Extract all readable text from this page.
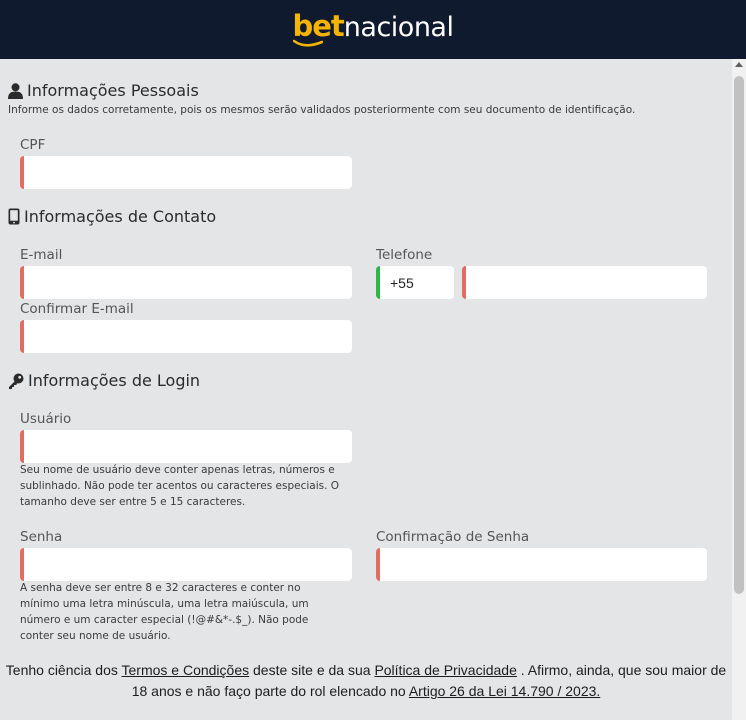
bet nacional
Informações Pessoais
Informe os dados corretamente, pois os mesmos serão validados posteriormente com seu documento de identificação.
CPF
Informações de Contato
E-mail	Telefone
+55
Confirmar E-mail
Informações de Login
Usuário
Seu nome de usuário deve conter apenas letras, números e sublinhado. Não pode ter acentos ou caracteres especiais. O tamanho deve ser entre 5 e 15 caracteres.
Senha
A senha deve ser entre 8 e 32 caracteres e conter no mínimo uma letra minúscula, uma letra maiúscula, um número e um caracter especial (!@#&*-.$_). Não pode conter seu nome de usuário.
Confirmação de Senha
Tenho ciência dos Termos e Condições deste site e da sua Política de Privacidade . Afirmo, ainda, que sou maior de 18 anos e não faço parte do rol elencado no Artigo 26 da Lei 14.790 / 2023.
